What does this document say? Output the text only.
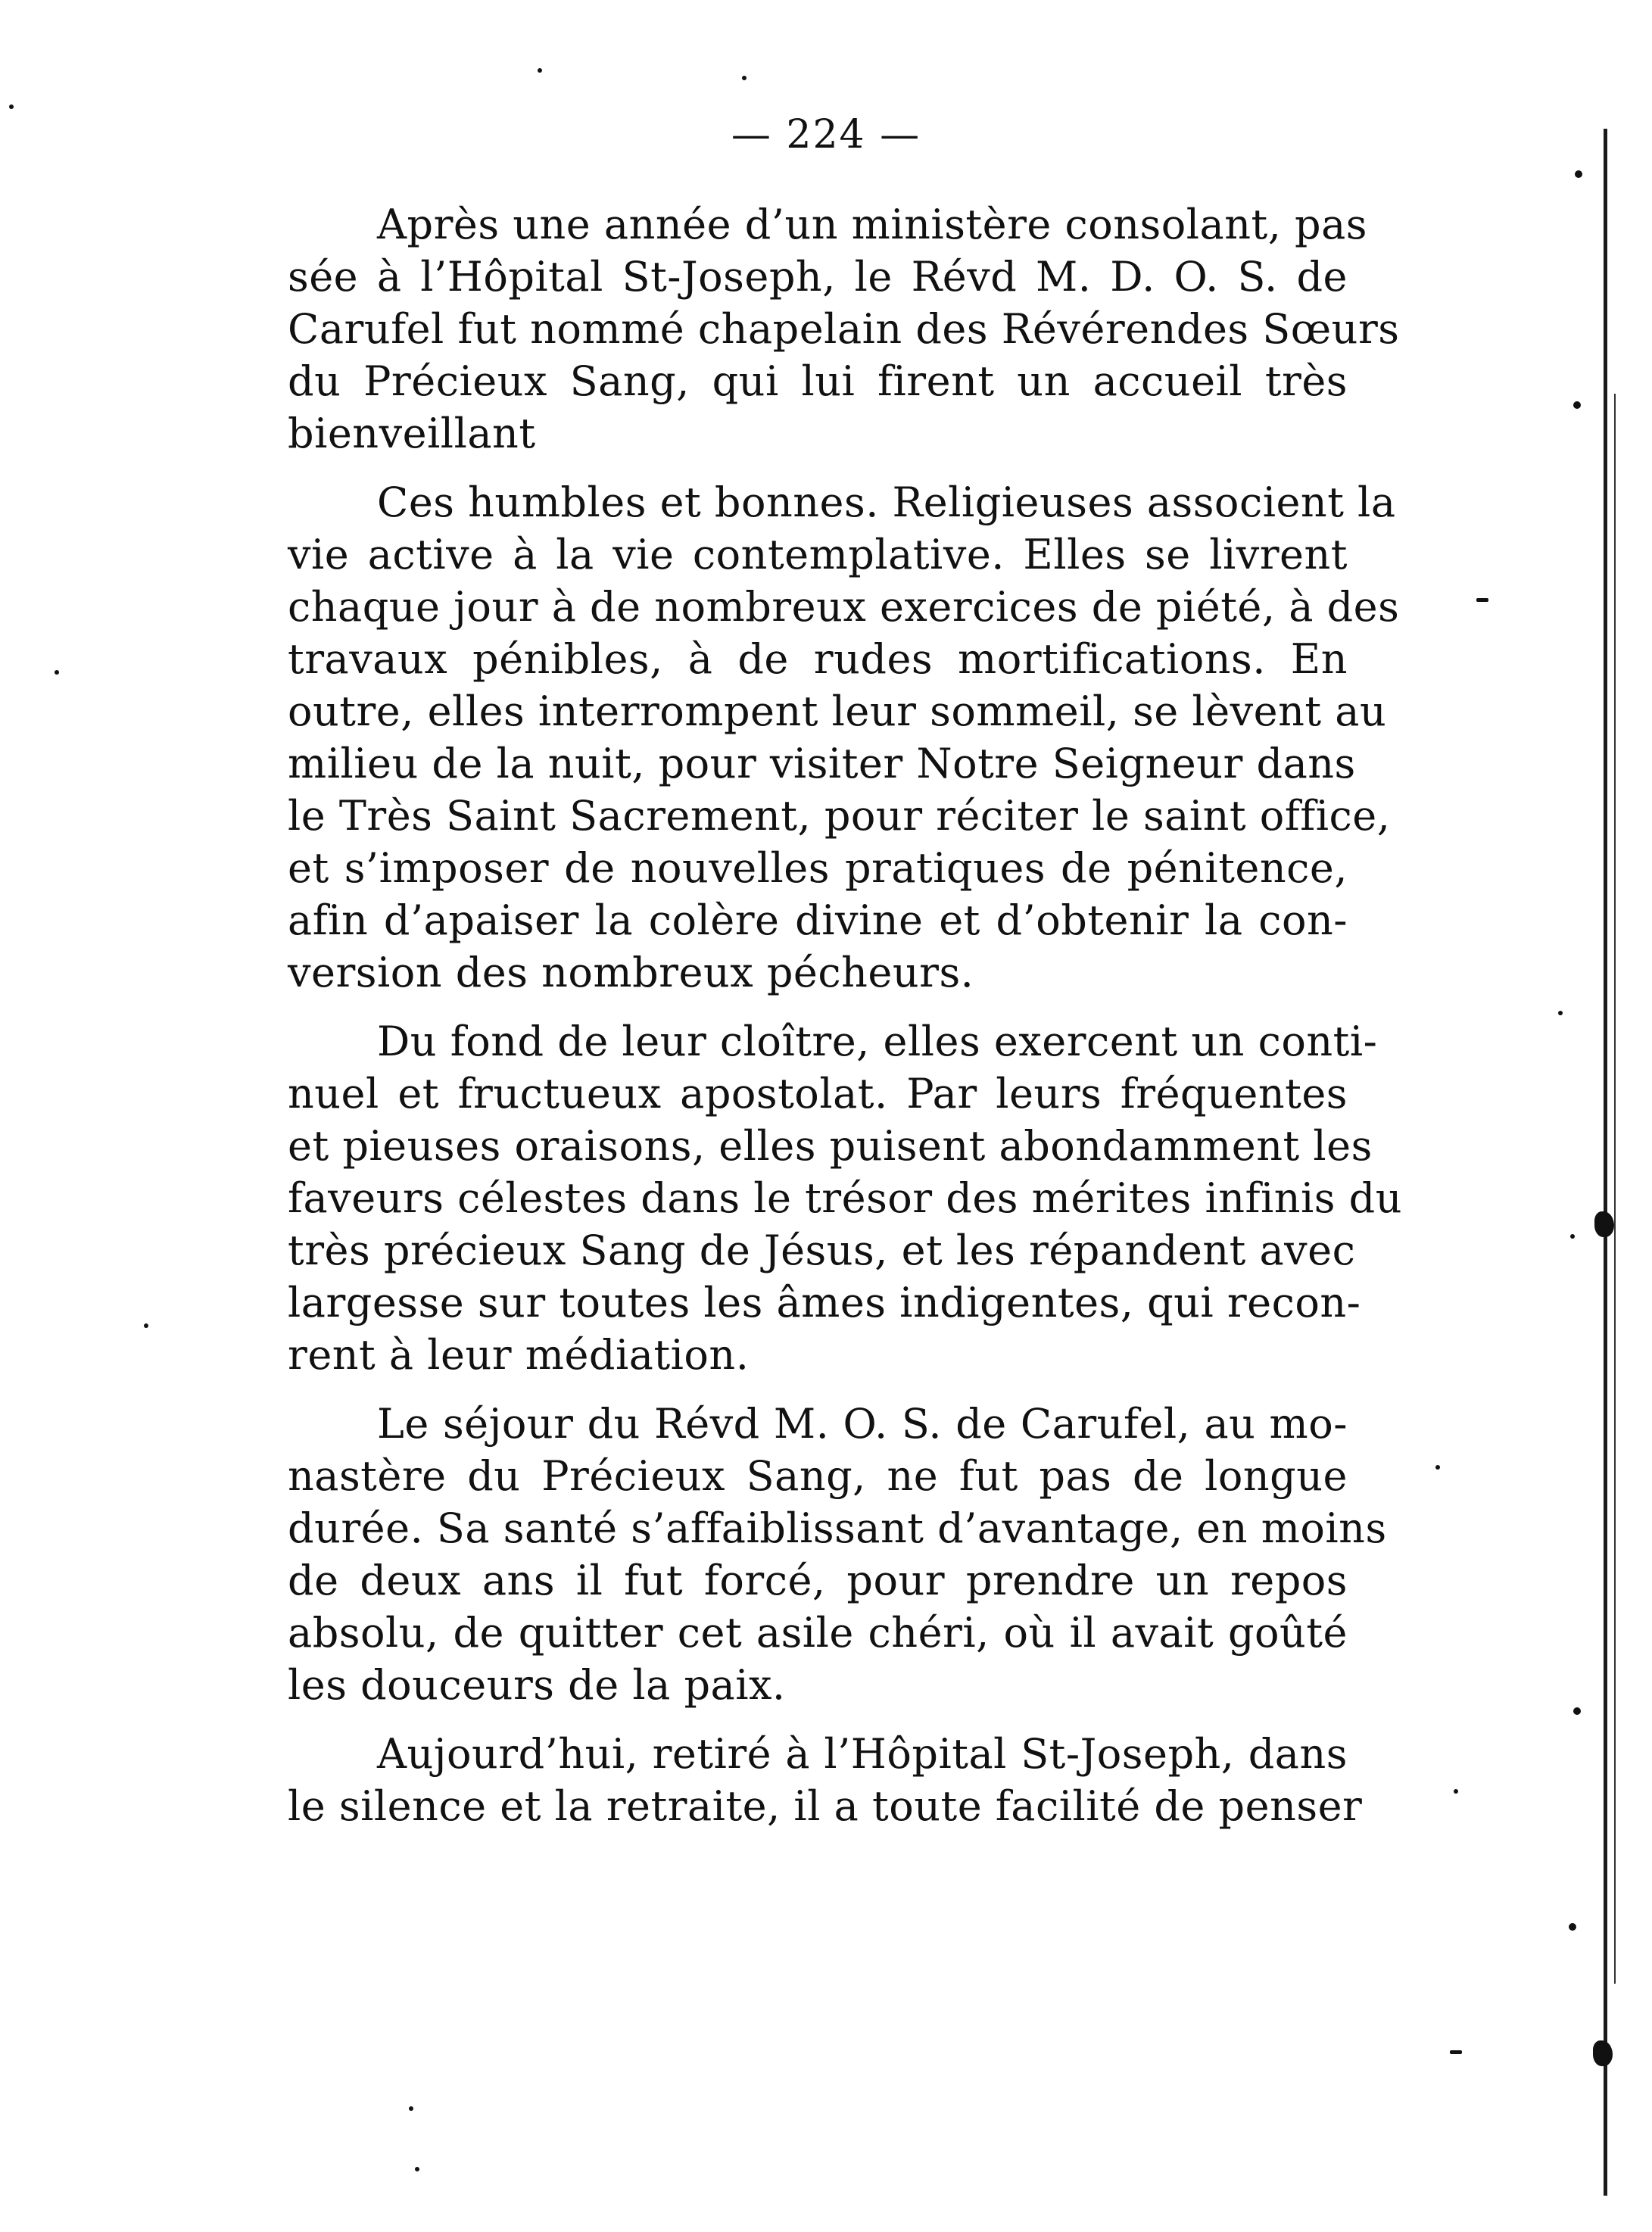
— 224 —

Après une année d’un ministère consolant, pas
sée à l’Hôpital St-Joseph, le Révd M. D. O. S. de
Carufel fut nommé chapelain des Révérendes Sœurs
du Précieux Sang, qui lui firent un accueil très
bienveillant

Ces humbles et bonnes. Religieuses associent la
vie active à la vie contemplative. Elles se livrent
chaque jour à de nombreux exercices de piété, à des
travaux pénibles, à de rudes mortifications. En
outre, elles interrompent leur sommeil, se lèvent au
milieu de la nuit, pour visiter Notre Seigneur dans
le Très Saint Sacrement, pour réciter le saint office,
et s’imposer de nouvelles pratiques de pénitence,
afin d’apaiser la colère divine et d’obtenir la con-
version des nombreux pécheurs.

Du fond de leur cloître, elles exercent un conti-
nuel et fructueux apostolat. Par leurs fréquentes
et pieuses oraisons, elles puisent abondamment les
faveurs célestes dans le trésor des mérites infinis du
très précieux Sang de Jésus, et les répandent avec
largesse sur toutes les âmes indigentes, qui recon-
rent à leur médiation.

Le séjour du Révd M. O. S. de Carufel, au mo-
nastère du Précieux Sang, ne fut pas de longue
durée. Sa santé s’affaiblissant d’avantage, en moins
de deux ans il fut forcé, pour prendre un repos
absolu, de quitter cet asile chéri, où il avait goûté
les douceurs de la paix.

Aujourd’hui, retiré à l’Hôpital St-Joseph, dans
le silence et la retraite, il a toute facilité de penser
